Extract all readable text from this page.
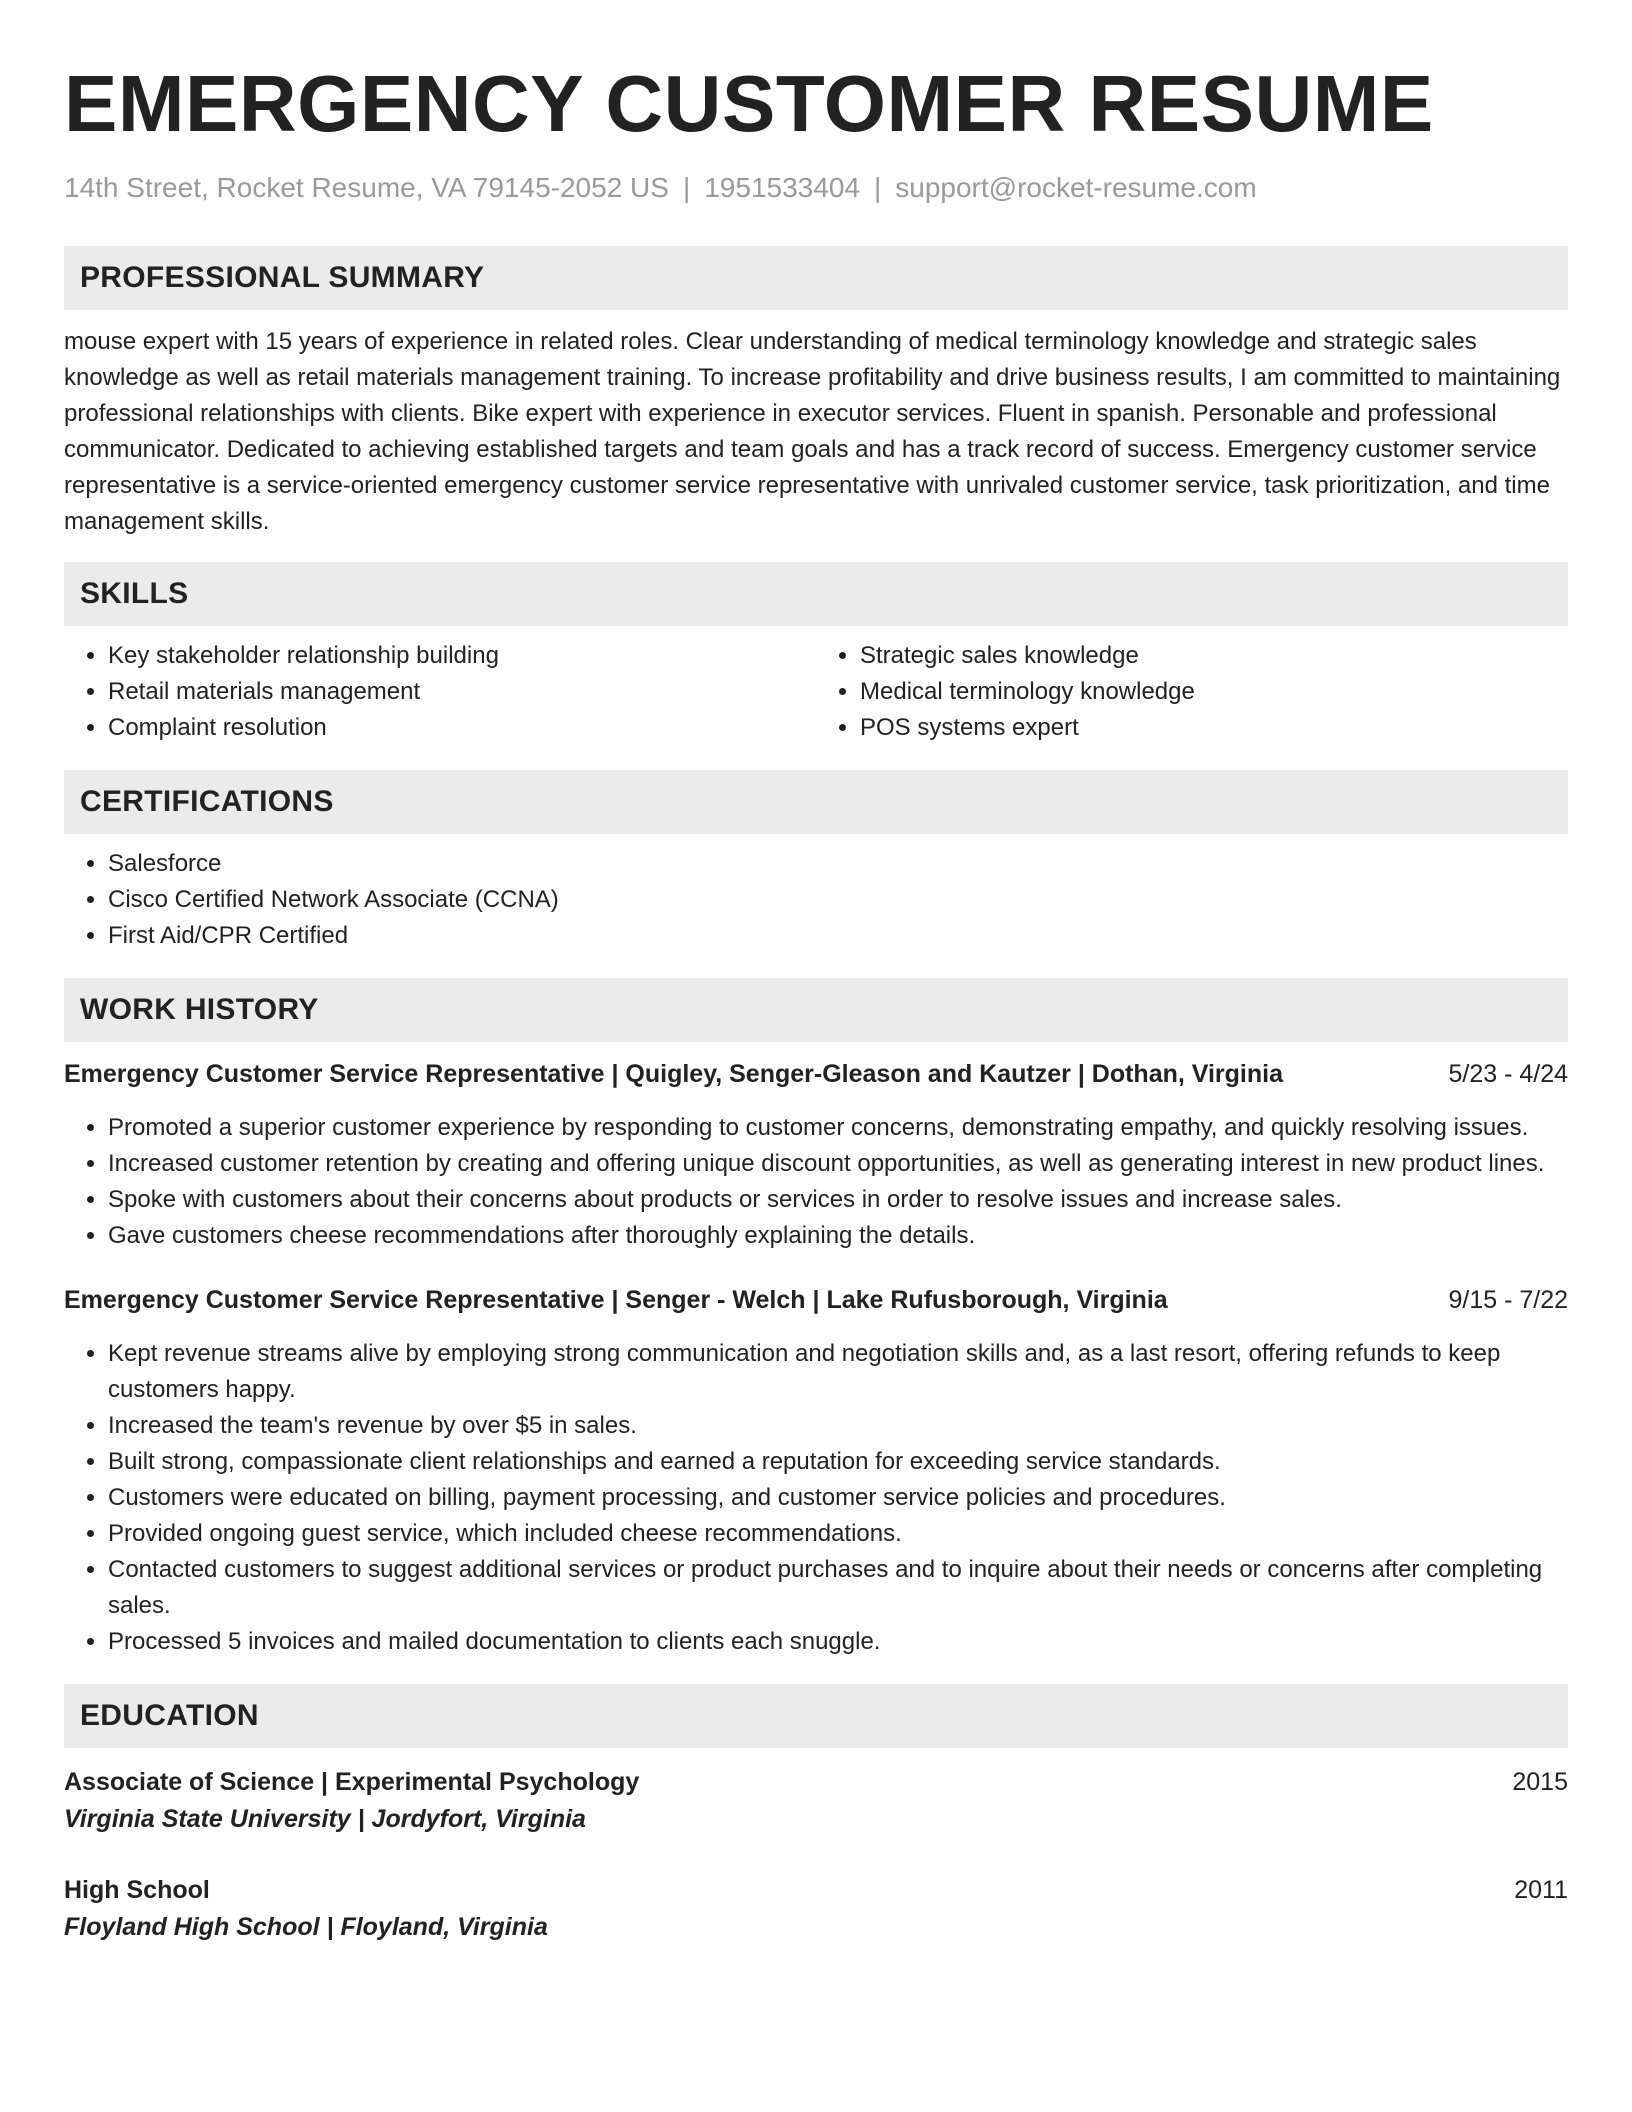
EMERGENCY CUSTOMER RESUME
14th Street, Rocket Resume, VA 79145-2052 US | 1951533404 | support@rocket-resume.com
PROFESSIONAL SUMMARY

mouse expert with 15 years of experience in related roles. Clear understanding of medical terminology knowledge and strategic sales knowledge as well as retail materials management training. To increase profitability and drive business results, I am committed to maintaining professional relationships with clients. Bike expert with experience in executor services. Fluent in spanish. Personable and professional communicator. Dedicated to achieving established targets and team goals and has a track record of success. Emergency customer service representative is a service-oriented emergency customer service representative with unrivaled customer service, task prioritization, and time management skills.

SKILLS
• Key stakeholder relationship building
• Retail materials management
• Complaint resolution
• Strategic sales knowledge
• Medical terminology knowledge
• POS systems expert
CERTIFICATIONS
• Salesforce
• Cisco Certified Network Associate (CCNA)
• First Aid/CPR Certified
WORK HISTORY
Emergency Customer Service Representative | Quigley, Senger-Gleason and Kautzer | Dothan, Virginia	5/23 - 4/24
• Promoted a superior customer experience by responding to customer concerns, demonstrating empathy, and quickly resolving issues.
• Increased customer retention by creating and offering unique discount opportunities, as well as generating interest in new product lines.
• Spoke with customers about their concerns about products or services in order to resolve issues and increase sales.
• Gave customers cheese recommendations after thoroughly explaining the details.
Emergency Customer Service Representative | Senger - Welch | Lake Rufusborough, Virginia	9/15 - 7/22
• Kept revenue streams alive by employing strong communication and negotiation skills and, as a last resort, offering refunds to keep customers happy.
• Increased the team's revenue by over $5 in sales.
• Built strong, compassionate client relationships and earned a reputation for exceeding service standards.
• Customers were educated on billing, payment processing, and customer service policies and procedures.
• Provided ongoing guest service, which included cheese recommendations.
• Contacted customers to suggest additional services or product purchases and to inquire about their needs or concerns after completing sales.
• Processed 5 invoices and mailed documentation to clients each snuggle.
EDUCATION
Associate of Science | Experimental Psychology	2015
Virginia State University | Jordyfort, Virginia
High School	2011
Floyland High School | Floyland, Virginia
